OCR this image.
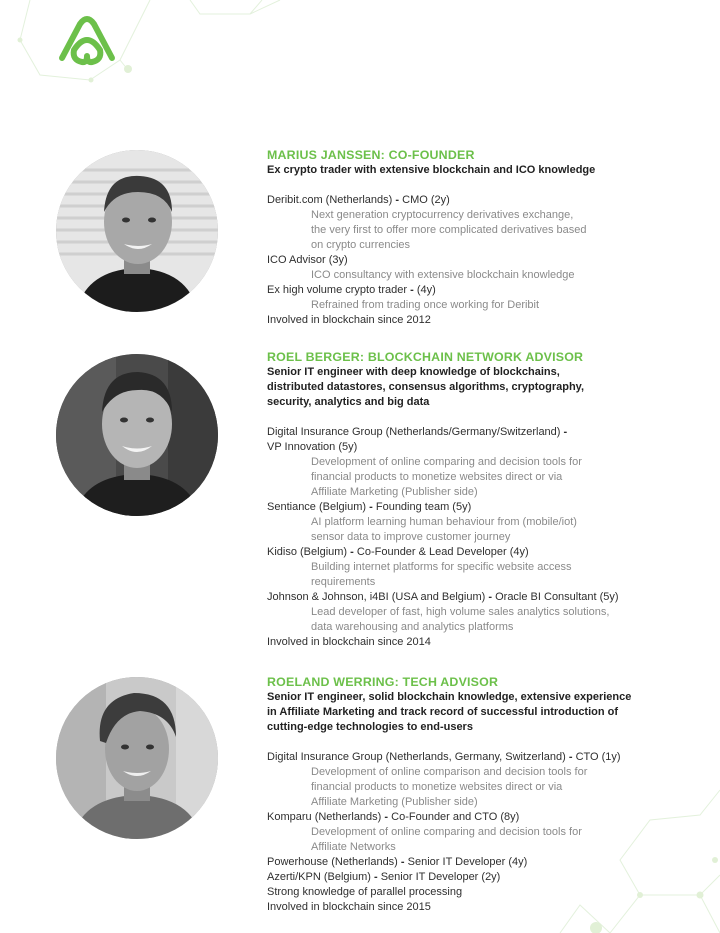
MARIUS JANSSEN: CO-FOUNDER
Ex crypto trader with extensive blockchain and ICO knowledge
Deribit.com (Netherlands) - CMO (2y)
Next generation cryptocurrency derivatives exchange,
the very first to offer more complicated derivatives based
on crypto currencies
ICO Advisor (3y)
ICO consultancy with extensive blockchain knowledge
Ex high volume crypto trader - (4y)
Refrained from trading once working for Deribit
Involved in blockchain since 2012
ROEL BERGER: BLOCKCHAIN NETWORK ADVISOR
Senior IT engineer with deep knowledge of blockchains,
distributed datastores, consensus algorithms, cryptography,
security, analytics and big data
Digital Insurance Group (Netherlands/Germany/Switzerland) -
VP Innovation (5y)
Development of online comparing and decision tools for
financial products to monetize websites direct or via
Affiliate Marketing (Publisher side)
Sentiance (Belgium) - Founding team (5y)
AI platform learning human behaviour from (mobile/iot)
sensor data to improve customer journey
Kidiso (Belgium) - Co-Founder & Lead Developer (4y)
Building internet platforms for specific website access
requirements
Johnson & Johnson, i4BI (USA and Belgium) - Oracle BI Consultant (5y)
Lead developer of fast, high volume sales analytics solutions,
data warehousing and analytics platforms
Involved in blockchain since 2014
ROELAND WERRING: TECH ADVISOR
Senior IT engineer, solid blockchain knowledge, extensive experience
in Affiliate Marketing and track record of successful introduction of
cutting-edge technologies to end-users
Digital Insurance Group (Netherlands, Germany, Switzerland) - CTO (1y)
Development of online comparison and decision tools for
financial products to monetize websites direct or via
Affiliate Marketing (Publisher side)
Komparu (Netherlands) - Co-Founder and CTO (8y)
Development of online comparing and decision tools for
Affiliate Networks
Powerhouse (Netherlands) - Senior IT Developer (4y)
Azerti/KPN (Belgium) - Senior IT Developer (2y)
Strong knowledge of parallel processing
Involved in blockchain since 2015
